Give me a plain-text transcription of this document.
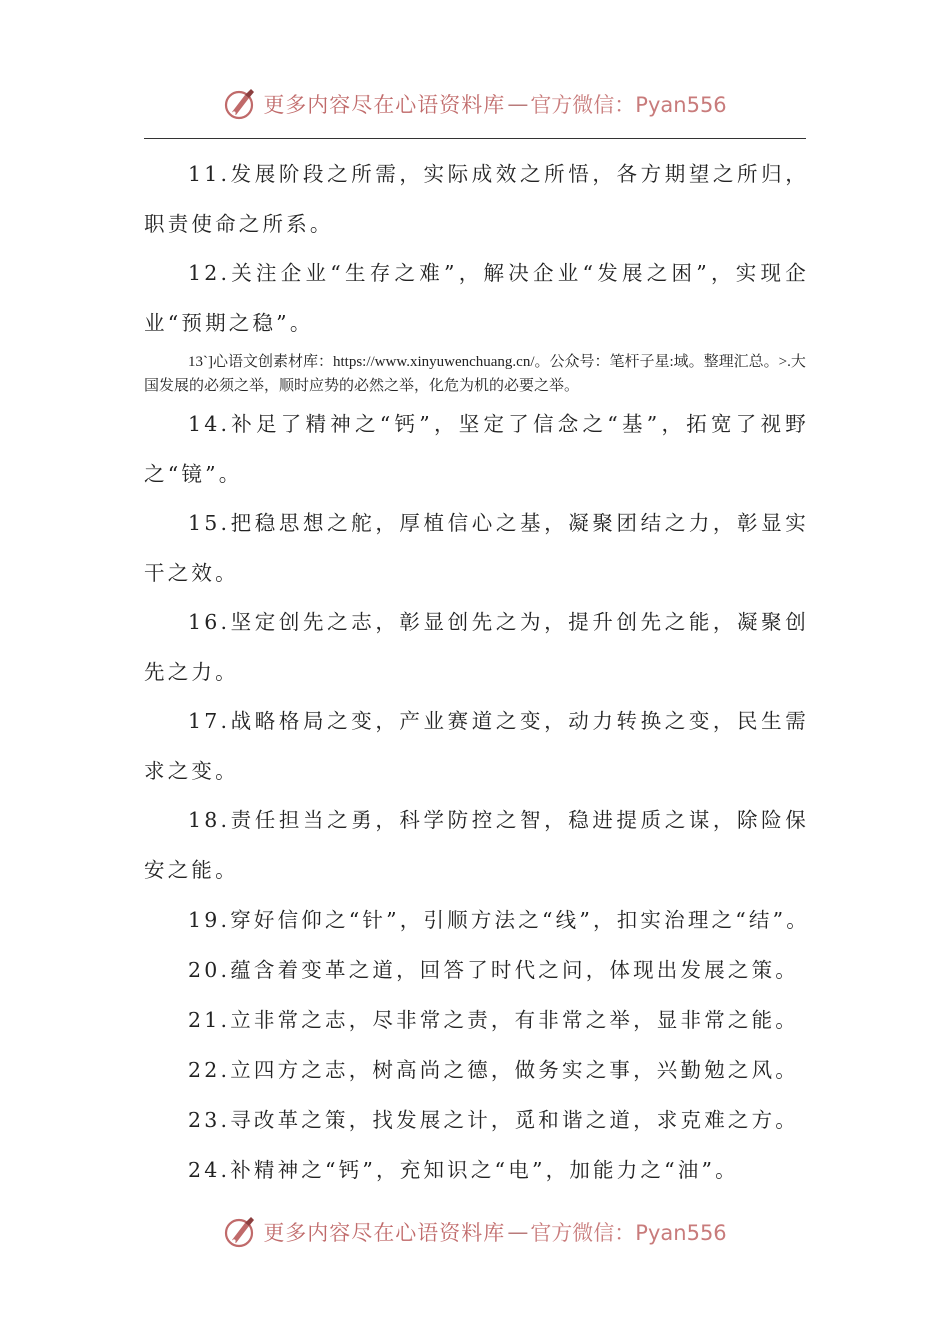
更多内容尽在心语资料库 — 官方微信：Pyan556

11.发展阶段之所需，实际成效之所悟，各方期望之所归，职责使命之所系。

12.关注企业“生存之难”，解决企业“发展之困”，实现企业“预期之稳”。

13`]心语文创素材库：https://www.xinyuwenchuang.cn/。公众号：笔杆子星:域。整理汇总。>.大国发展的必须之举，顺时应势的必然之举，化危为机的必要之举。

14.补足了精神之“钙”，坚定了信念之“基”，拓宽了视野之“镜”。

15.把稳思想之舵，厚植信心之基，凝聚团结之力，彰显实干之效。

16.坚定创先之志，彰显创先之为，提升创先之能，凝聚创先之力。

17.战略格局之变，产业赛道之变，动力转换之变，民生需求之变。

18.责任担当之勇，科学防控之智，稳进提质之谋，除险保安之能。

19.穿好信仰之“针”，引顺方法之“线”，扣实治理之“结”。

20.蕴含着变革之道，回答了时代之问，体现出发展之策。

21.立非常之志，尽非常之责，有非常之举，显非常之能。

22.立四方之志，树高尚之德，做务实之事，兴勤勉之风。

23.寻改革之策，找发展之计，觅和谐之道，求克难之方。

24.补精神之“钙”，充知识之“电”，加能力之“油”。

更多内容尽在心语资料库 — 官方微信：Pyan556
